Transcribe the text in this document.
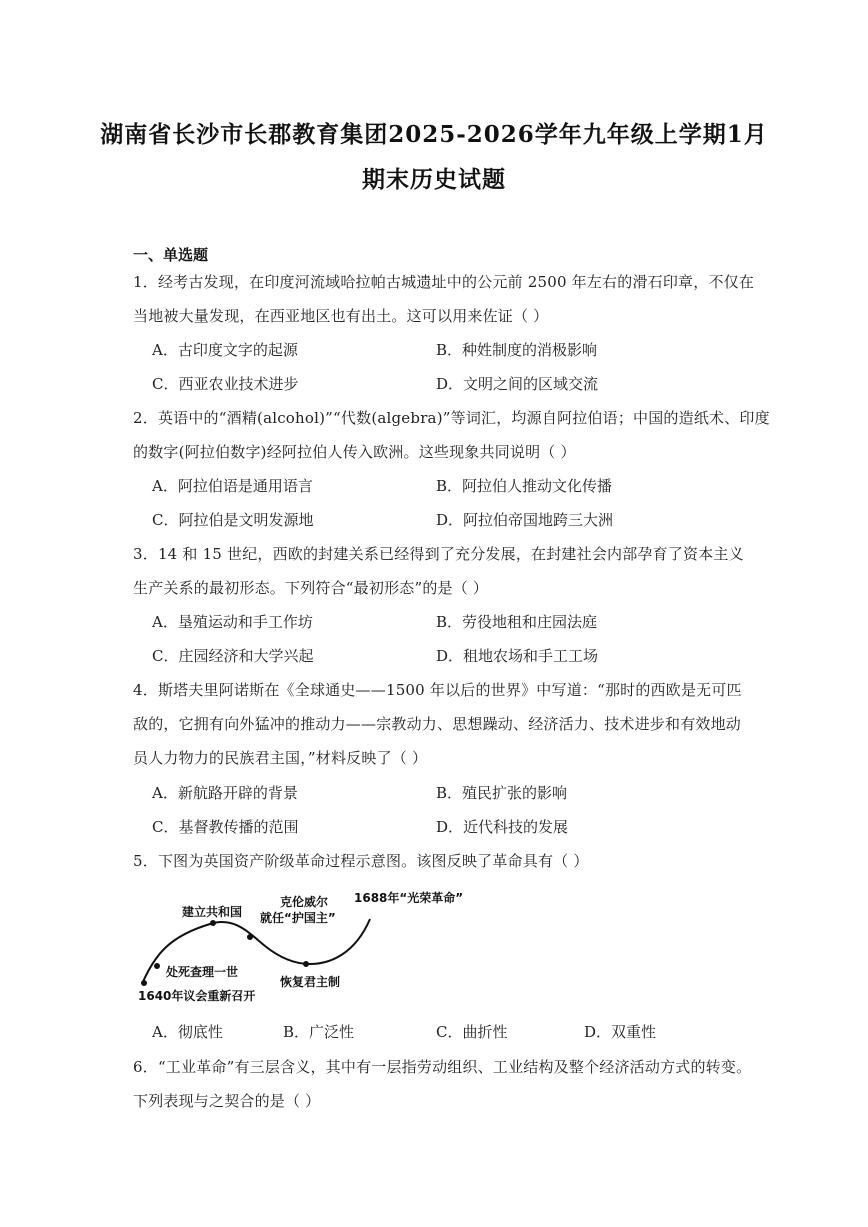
湖南省长沙市长郡教育集团2025-2026学年九年级上学期1月
期末历史试题
一、单选题
1．经考古发现，在印度河流域哈拉帕古城遗址中的公元前 2500 年左右的滑石印章，不仅在
当地被大量发现，在西亚地区也有出土。这可以用来佐证（ ）
A．古印度文字的起源	B．种姓制度的消极影响
C．西亚农业技术进步	D．文明之间的区域交流
2．英语中的“酒精(alcohol)”“代数(algebra)”等词汇，均源自阿拉伯语；中国的造纸术、印度
的数字(阿拉伯数字)经阿拉伯人传入欧洲。这些现象共同说明（ ）
A．阿拉伯语是通用语言	B．阿拉伯人推动文化传播
C．阿拉伯是文明发源地	D．阿拉伯帝国地跨三大洲
3．14 和 15 世纪，西欧的封建关系已经得到了充分发展，在封建社会内部孕育了资本主义
生产关系的最初形态。下列符合“最初形态”的是（ ）
A．垦殖运动和手工作坊	B．劳役地租和庄园法庭
C．庄园经济和大学兴起	D．租地农场和手工工场
4．斯塔夫里阿诺斯在《全球通史——1500 年以后的世界》中写道：“那时的西欧是无可匹
敌的，它拥有向外猛冲的推动力——宗教动力、思想躁动、经济活力、技术进步和有效地动
员人力物力的民族君主国，”材料反映了（ ）
A．新航路开辟的背景	B．殖民扩张的影响
C．基督教传播的范围	D．近代科技的发展
5．下图为英国资产阶级革命过程示意图。该图反映了革命具有（ ）
建立共和国
克伦威尔
就任“护国主”
1688年“光荣革命”
处死查理一世
1640年议会重新召开
恢复君主制
A．彻底性	B．广泛性	C．曲折性	D．双重性
6．“工业革命”有三层含义，其中有一层指劳动组织、工业结构及整个经济活动方式的转变。
下列表现与之契合的是（ ）
